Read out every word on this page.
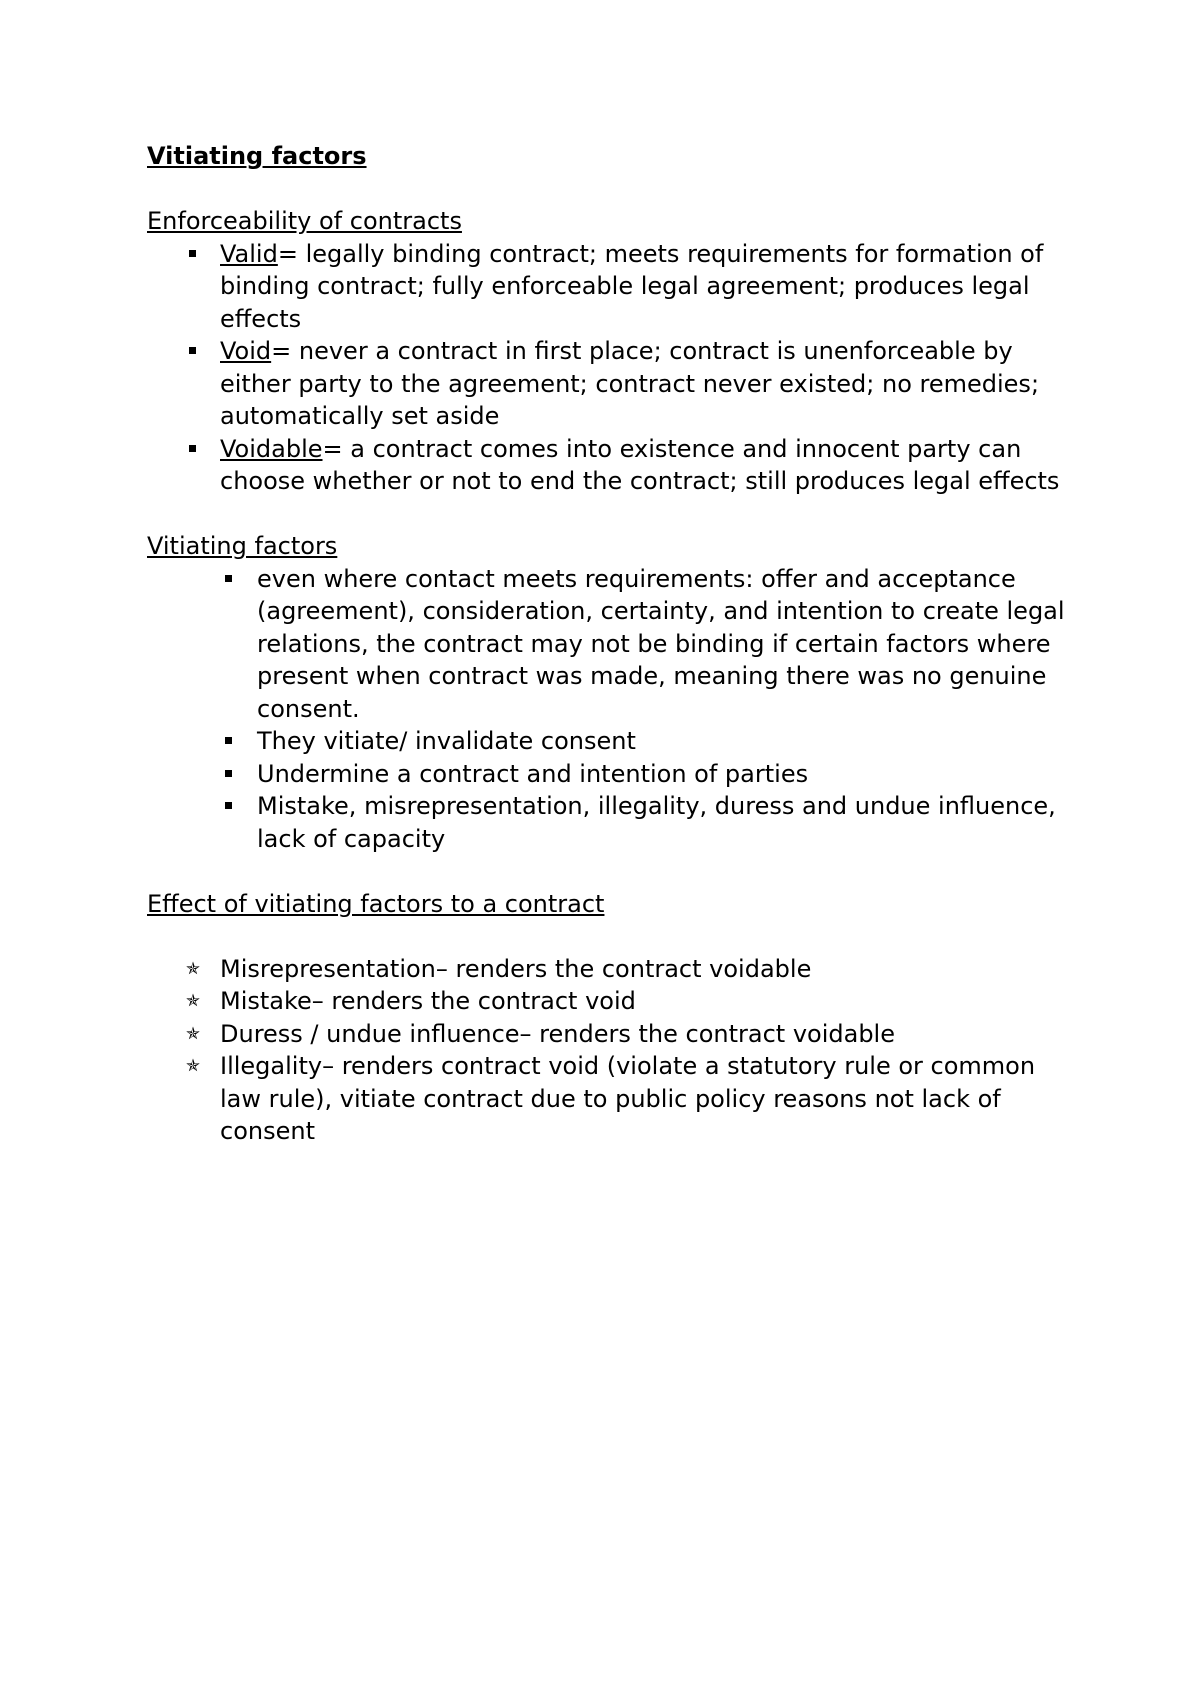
Vitiating factors

Enforceability of contracts

Valid= legally binding contract; meets requirements for formation of binding contract; fully enforceable legal agreement; produces legal effects
Void= never a contract in first place; contract is unenforceable by either party to the agreement; contract never existed; no remedies; automatically set aside
Voidable= a contract comes into existence and innocent party can choose whether or not to end the contract; still produces legal effects

Vitiating factors

even where contact meets requirements: offer and acceptance (agreement), consideration, certainty, and intention to create legal relations, the contract may not be binding if certain factors where present when contract was made, meaning there was no genuine consent.
They vitiate/ invalidate consent
Undermine a contract and intention of parties
Mistake, misrepresentation, illegality, duress and undue influence, lack of capacity

Effect of vitiating factors to a contract

✯ Misrepresentation– renders the contract voidable
✯ Mistake– renders the contract void
✯ Duress / undue influence– renders the contract voidable
✯ Illegality– renders contract void (violate a statutory rule or common law rule), vitiate contract due to public policy reasons not lack of consent
